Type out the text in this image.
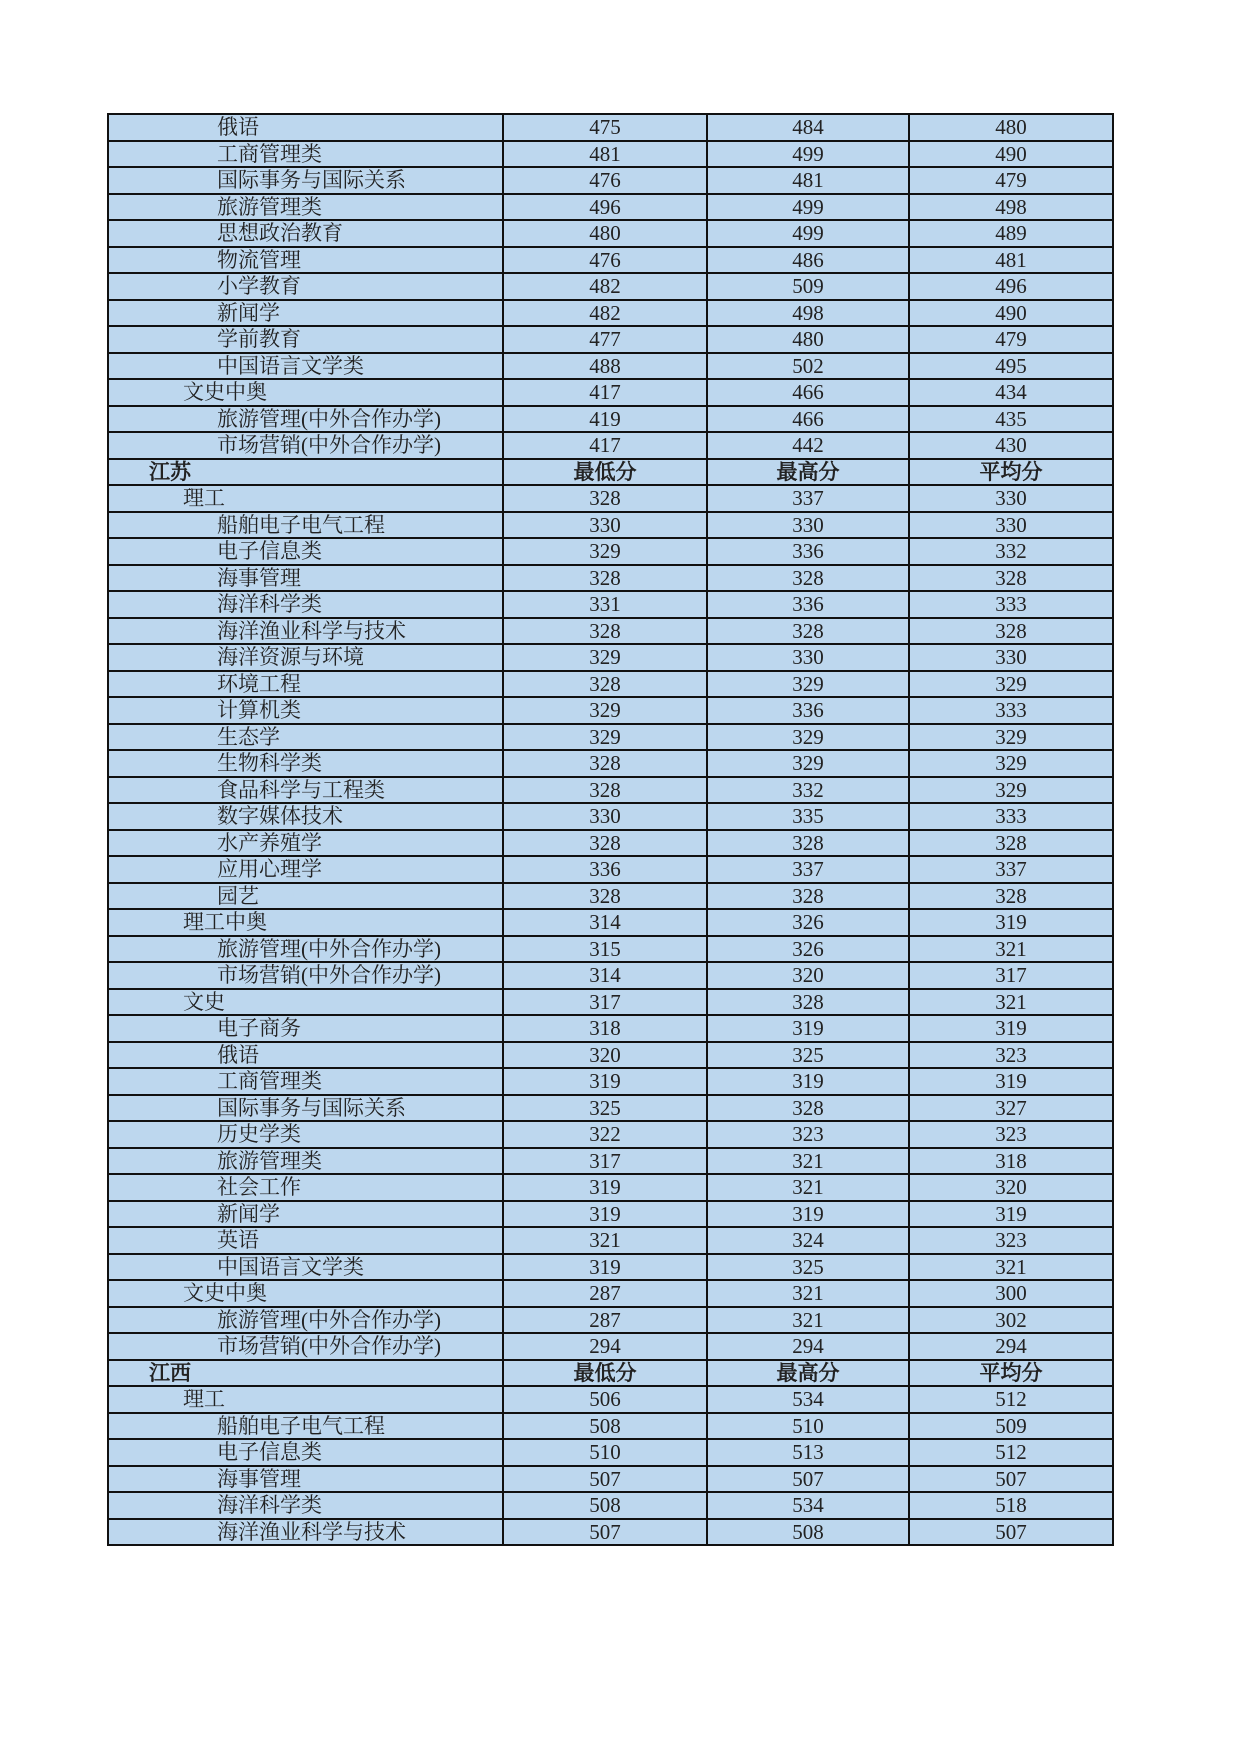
俄语	475	484	480
工商管理类	481	499	490
国际事务与国际关系	476	481	479
旅游管理类	496	499	498
思想政治教育	480	499	489
物流管理	476	486	481
小学教育	482	509	496
新闻学	482	498	490
学前教育	477	480	479
中国语言文学类	488	502	495
文史中奥	417	466	434
旅游管理(中外合作办学)	419	466	435
市场营销(中外合作办学)	417	442	430
江苏	最低分	最高分	平均分
理工	328	337	330
船舶电子电气工程	330	330	330
电子信息类	329	336	332
海事管理	328	328	328
海洋科学类	331	336	333
海洋渔业科学与技术	328	328	328
海洋资源与环境	329	330	330
环境工程	328	329	329
计算机类	329	336	333
生态学	329	329	329
生物科学类	328	329	329
食品科学与工程类	328	332	329
数字媒体技术	330	335	333
水产养殖学	328	328	328
应用心理学	336	337	337
园艺	328	328	328
理工中奥	314	326	319
旅游管理(中外合作办学)	315	326	321
市场营销(中外合作办学)	314	320	317
文史	317	328	321
电子商务	318	319	319
俄语	320	325	323
工商管理类	319	319	319
国际事务与国际关系	325	328	327
历史学类	322	323	323
旅游管理类	317	321	318
社会工作	319	321	320
新闻学	319	319	319
英语	321	324	323
中国语言文学类	319	325	321
文史中奥	287	321	300
旅游管理(中外合作办学)	287	321	302
市场营销(中外合作办学)	294	294	294
江西	最低分	最高分	平均分
理工	506	534	512
船舶电子电气工程	508	510	509
电子信息类	510	513	512
海事管理	507	507	507
海洋科学类	508	534	518
海洋渔业科学与技术	507	508	507
